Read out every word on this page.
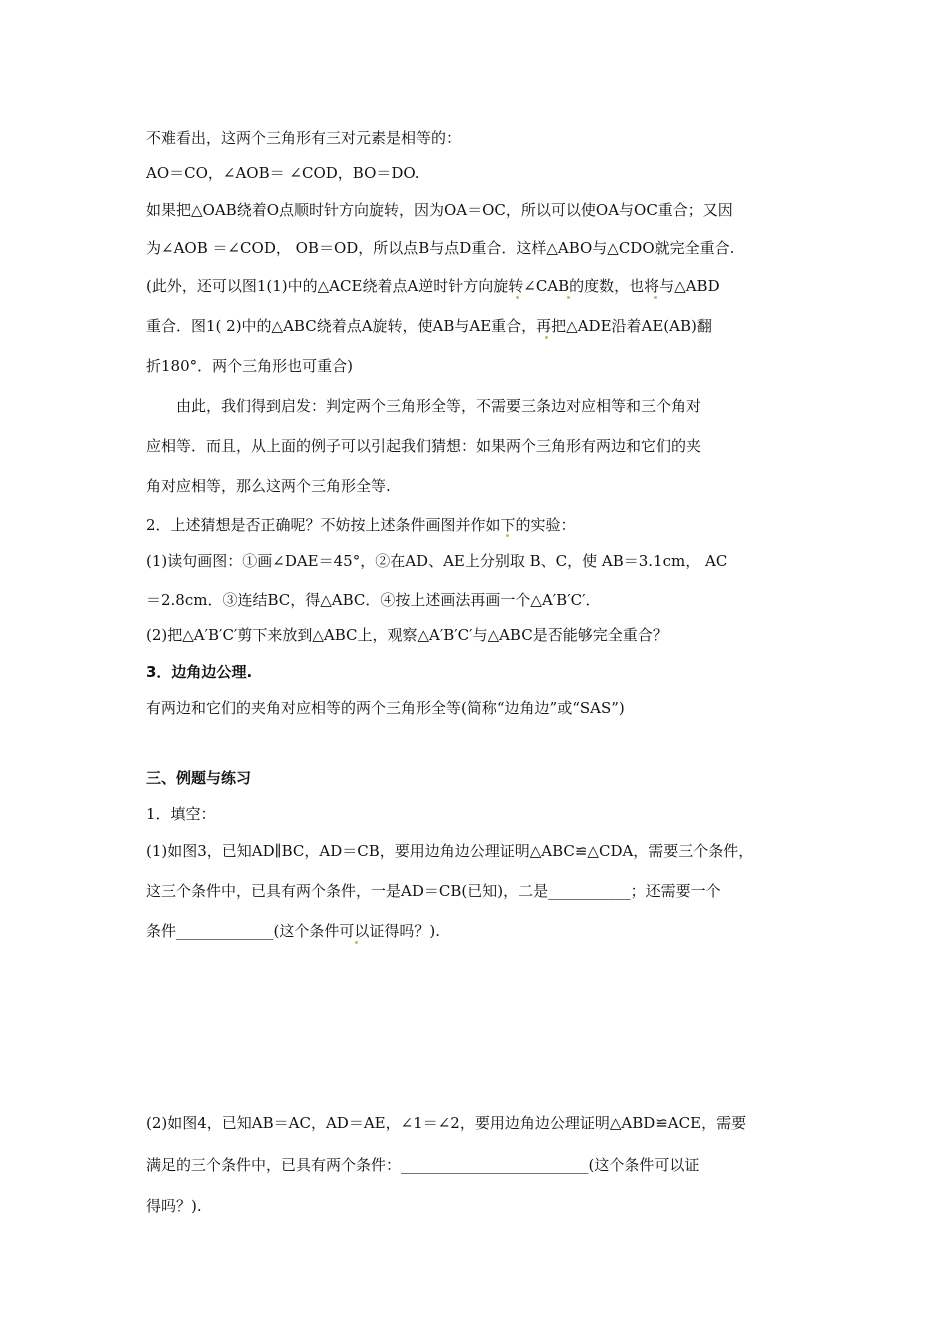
不难看出，这两个三角形有三对元素是相等的：
AO＝CO，∠AOB＝ ∠COD，BO＝DO.
如果把△OAB绕着O点顺时针方向旋转，因为OA＝OC，所以可以使OA与OC重合；又因
为∠AOB ＝∠COD， OB＝OD，所以点B与点D重合．这样△ABO与△CDO就完全重合.
(此外，还可以图1(1)中的△ACE绕着点A逆时针方向旋转∠CAB的度数，也将与△ABD
重合．图1( 2)中的△ABC绕着点A旋转，使AB与AE重合，再把△ADE沿着AE(AB)翻
折180°．两个三角形也可重合)
由此，我们得到启发：判定两个三角形全等，不需要三条边对应相等和三个角对
应相等．而且，从上面的例子可以引起我们猜想：如果两个三角形有两边和它们的夹
角对应相等，那么这两个三角形全等.
2．上述猜想是否正确呢？不妨按上述条件画图并作如下的实验：
(1)读句画图：①画∠DAE＝45°，②在AD、AE上分别取 B、C，使 AB＝3.1cm， AC
＝2.8cm．③连结BC，得△ABC．④按上述画法再画一个△A′B′C′．
(2)把△A′B′C′剪下来放到△ABC上，观察△A′B′C′与△ABC是否能够完全重合？
3．边角边公理.
有两边和它们的夹角对应相等的两个三角形全等(简称“边角边”或“SAS”)
三、例题与练习
1．填空：
(1)如图3，已知AD∥BC，AD＝CB，要用边角边公理证明△ABC≌△CDA，需要三个条件，
这三个条件中，已具有两个条件，一是AD＝CB(已知)，二是___________；还需要一个
条件_____________(这个条件可以证得吗？).
(2)如图4，已知AB＝AC，AD＝AE，∠1＝∠2，要用边角边公理证明△ABD≌ACE，需要
满足的三个条件中，已具有两个条件：_________________________(这个条件可以证
得吗？).
